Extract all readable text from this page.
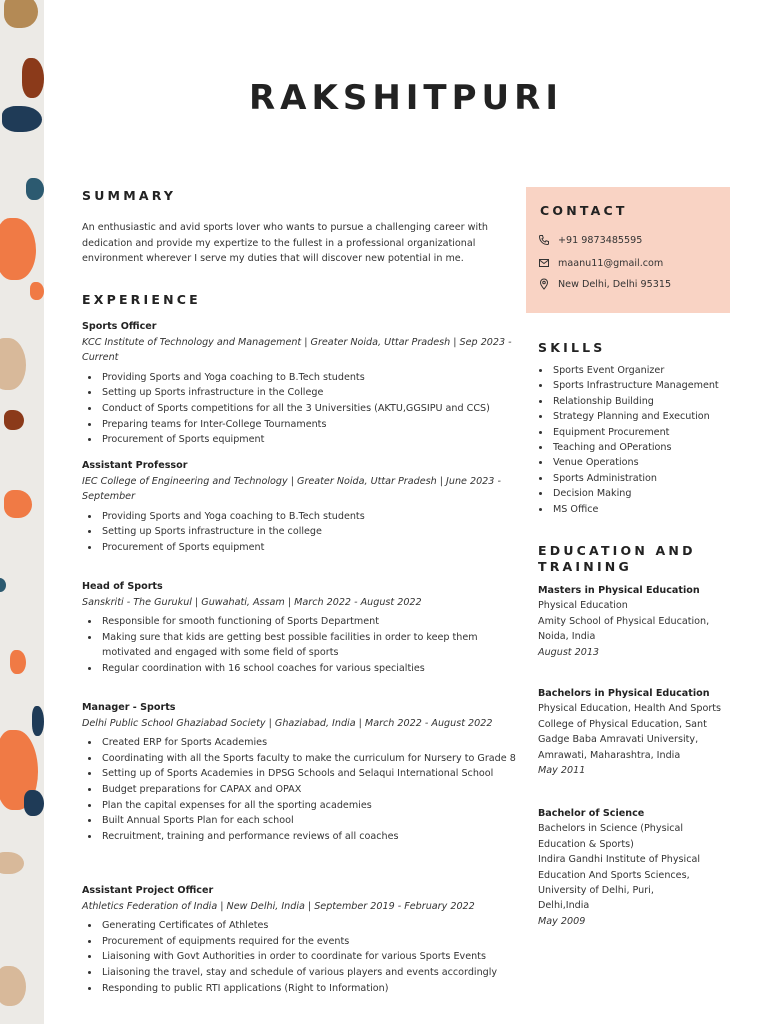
RAKSHITPURI
SUMMARY
An enthusiastic and avid sports lover who wants to pursue a challenging career with dedication and provide my expertize to the fullest in a professional organizational environment wherever I serve my duties that will discover new potential in me.
EXPERIENCE
Sports Officer
KCC Institute of Technology and Management | Greater Noida, Uttar Pradesh | Sep 2023 - Current
• Providing Sports and Yoga coaching to B.Tech students
• Setting up Sports infrastructure in the College
• Conduct of Sports competitions for all the 3 Universities (AKTU,GGSIPU and CCS)
• Preparing teams for Inter-College Tournaments
• Procurement of Sports equipment
Assistant Professor
IEC College of Engineering and Technology | Greater Noida, Uttar Pradesh | June 2023 - September
• Providing Sports and Yoga coaching to B.Tech students
• Setting up Sports infrastructure in the college
• Procurement of Sports equipment
Head of Sports
Sanskriti - The Gurukul | Guwahati, Assam | March 2022 - August 2022
• Responsible for smooth functioning of Sports Department
• Making sure that kids are getting best possible facilities in order to keep them motivated and engaged with some field of sports
• Regular coordination with 16 school coaches for various specialties
Manager - Sports
Delhi Public School Ghaziabad Society | Ghaziabad, India | March 2022 - August 2022
• Created ERP for Sports Academies
• Coordinating with all the Sports faculty to make the curriculum for Nursery to Grade 8
• Setting up of Sports Academies in DPSG Schools and Selaqui International School
• Budget preparations for CAPAX and OPAX
• Plan the capital expenses for all the sporting academies
• Built Annual Sports Plan for each school
• Recruitment, training and performance reviews of all coaches
Assistant Project Officer
Athletics Federation of India | New Delhi, India | September 2019 - February 2022
• Generating Certificates of Athletes
• Procurement of equipments required for the events
• Liaisoning with Govt Authorities in order to coordinate for various Sports Events
• Liaisoning the travel, stay and schedule of various players and events accordingly
• Responding to public RTI applications (Right to Information)
CONTACT
+91 9873485595
maanu11@gmail.com
New Delhi, Delhi 95315
SKILLS
• Sports Event Organizer
• Sports Infrastructure Management
• Relationship Building
• Strategy Planning and Execution
• Equipment Procurement
• Teaching and OPerations
• Venue Operations
• Sports Administration
• Decision Making
• MS Office
EDUCATION AND TRAINING
Masters in Physical Education
Physical Education
Amity School of Physical Education, Noida, India
August 2013
Bachelors in Physical Education
Physical Education, Health And Sports
College of Physical Education, Sant Gadge Baba Amravati University, Amrawati, Maharashtra, India
May 2011
Bachelor of Science
Bachelors in Science (Physical Education & Sports)
Indira Gandhi Institute of Physical Education And Sports Sciences, University of Delhi, Puri, Delhi,India
May 2009
